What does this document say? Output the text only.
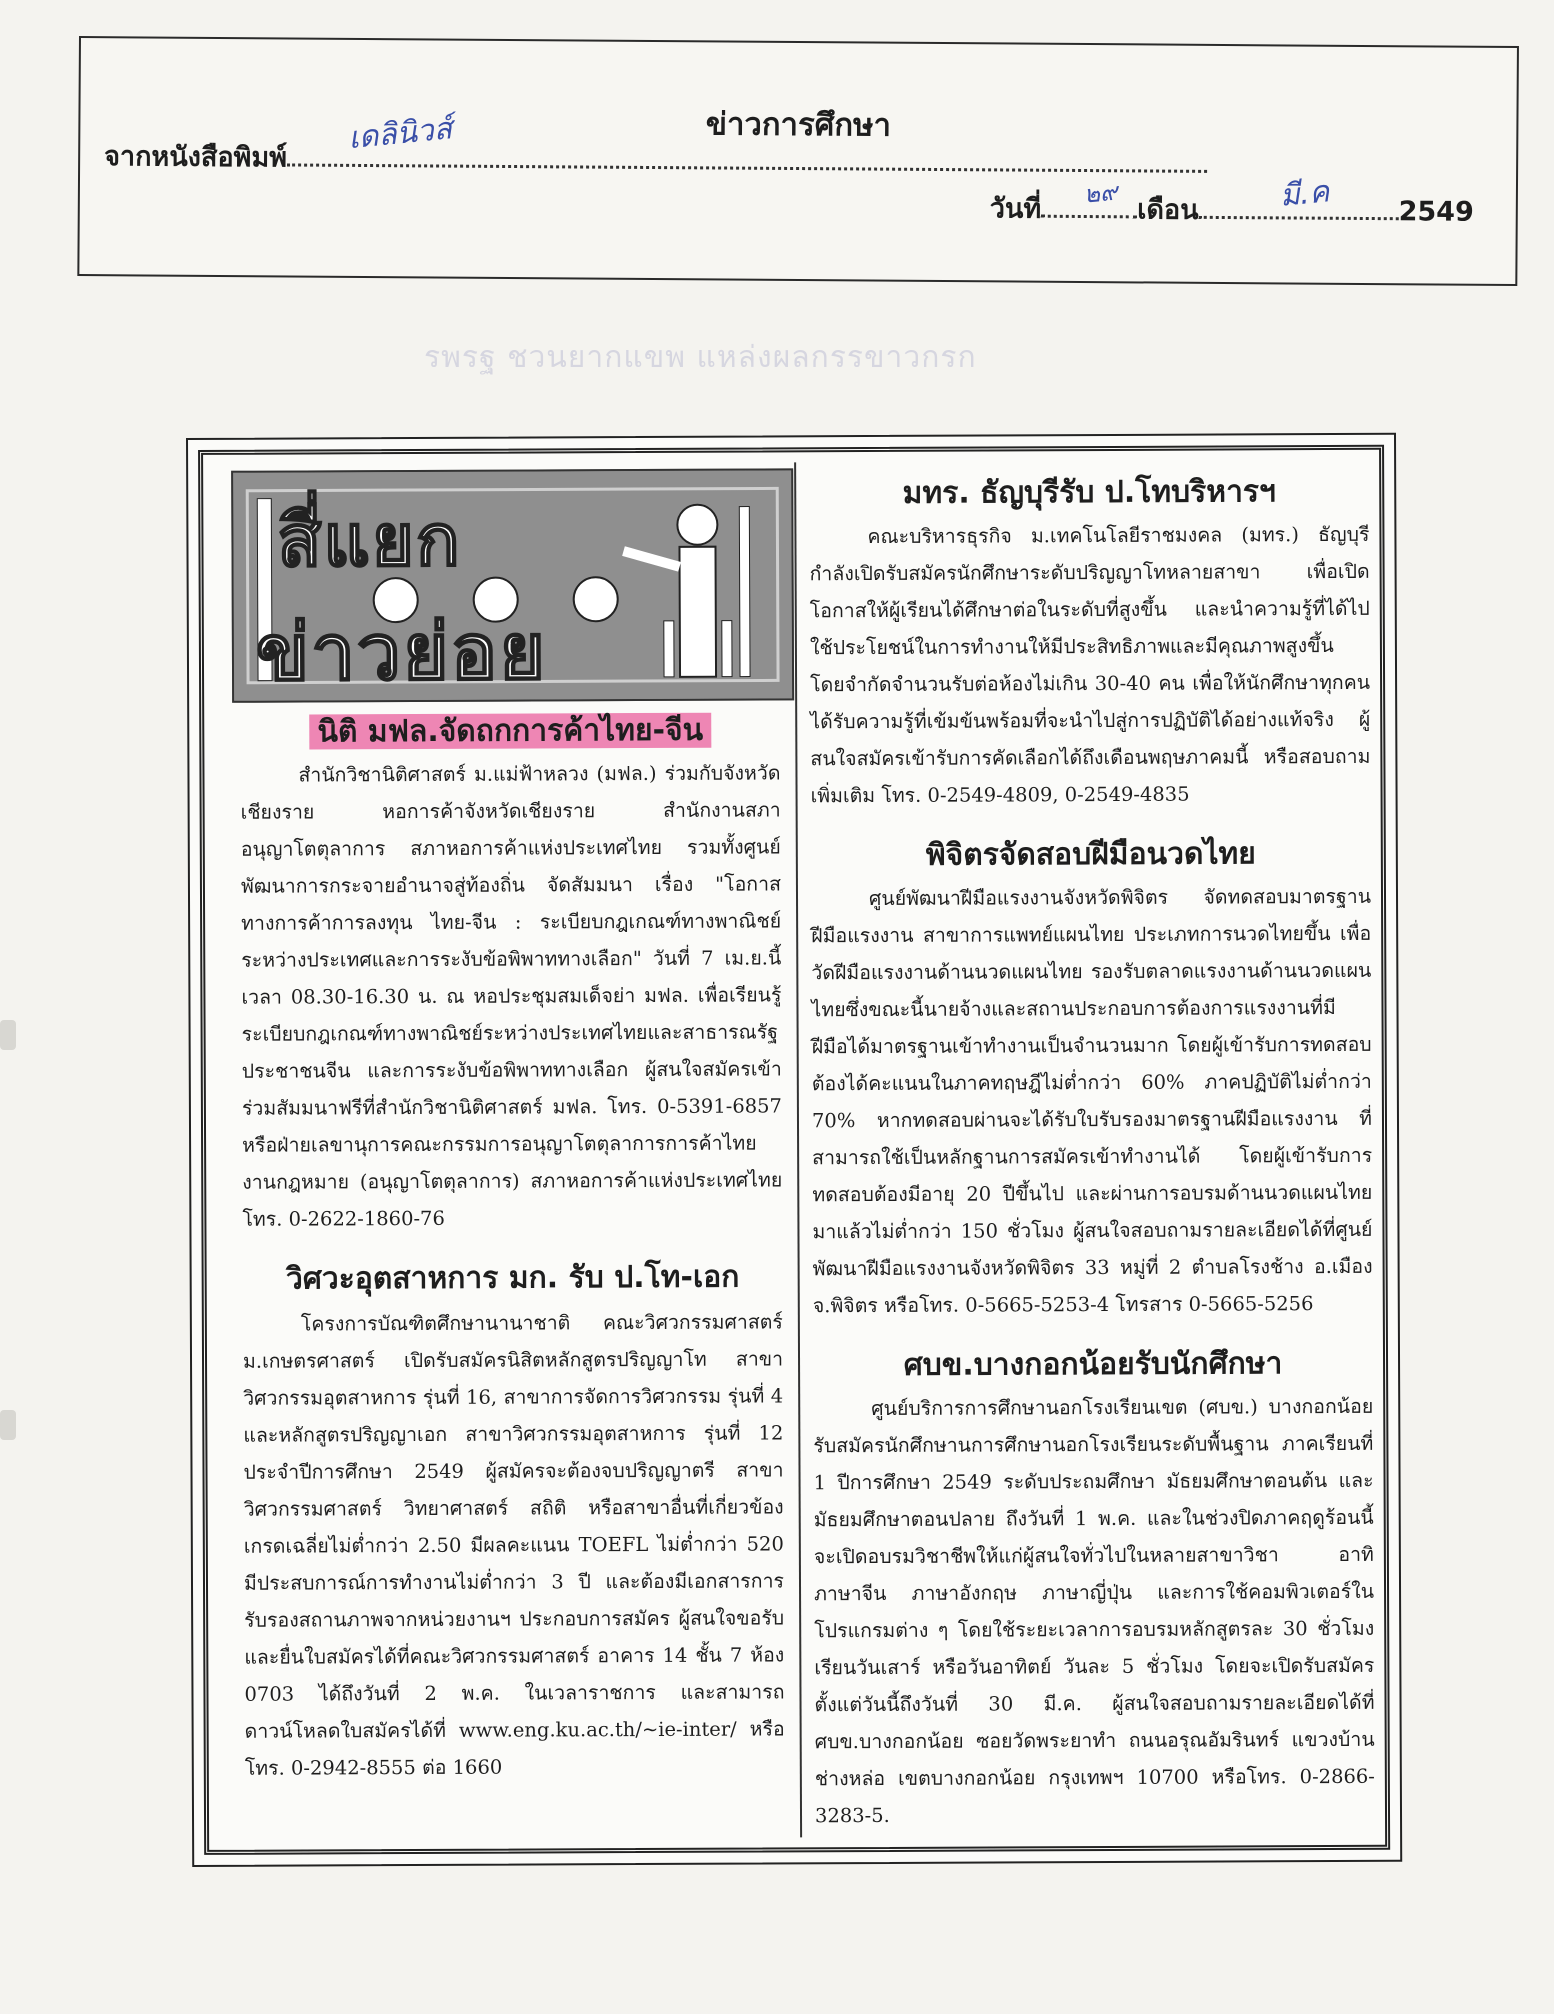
ข่าวการศึกษา
จากหนังสือพิมพ์
วันที่	เดือน	2549
เดลินิวส์
๒๙	มี.ค
รพรฐ ชวนยากแขพ แหล่งผลกรรขาวกรก
สี่แยก
ข่าวย่อย

นิติ มฟล.จัดถกการค้าไทย-จีน

สำนักวิชานิติศาสตร์ ม.แม่ฟ้าหลวง (มฟล.) ร่วมกับจังหวัดเชียงราย หอการค้าจังหวัดเชียงราย สำนักงานสภาอนุญาโตตุลาการ สภาหอการค้าแห่งประเทศไทย รวมทั้งศูนย์พัฒนาการกระจายอำนาจสู่ท้องถิ่น จัดสัมมนา เรื่อง "โอกาสทางการค้าการลงทุน ไทย-จีน : ระเบียบกฎเกณฑ์ทางพาณิชย์ระหว่างประเทศและการระงับข้อพิพาททางเลือก" วันที่ 7 เม.ย.นี้ เวลา 08.30-16.30 น. ณ หอประชุมสมเด็จย่า มฟล. เพื่อเรียนรู้ระเบียบกฎเกณฑ์ทางพาณิชย์ระหว่างประเทศไทยและสาธารณรัฐประชาชนจีน และการระงับข้อพิพาททางเลือก ผู้สนใจสมัครเข้าร่วมสัมมนาฟรีที่สำนักวิชานิติศาสตร์ มฟล. โทร. 0-5391-6857 หรือฝ่ายเลขานุการคณะกรรมการอนุญาโตตุลาการการค้าไทย งานกฎหมาย (อนุญาโตตุลาการ) สภาหอการค้าแห่งประเทศไทย โทร. 0-2622-1860-76

วิศวะอุตสาหการ มก. รับ ป.โท-เอก

โครงการบัณฑิตศึกษานานาชาติ คณะวิศวกรรมศาสตร์ ม.เกษตรศาสตร์ เปิดรับสมัครนิสิตหลักสูตรปริญญาโท สาขาวิศวกรรมอุตสาหการ รุ่นที่ 16, สาขาการจัดการวิศวกรรม รุ่นที่ 4 และหลักสูตรปริญญาเอก สาขาวิศวกรรมอุตสาหการ รุ่นที่ 12 ประจำปีการศึกษา 2549 ผู้สมัครจะต้องจบปริญญาตรี สาขาวิศวกรรมศาสตร์ วิทยาศาสตร์ สถิติ หรือสาขาอื่นที่เกี่ยวข้อง เกรดเฉลี่ยไม่ต่ำกว่า 2.50 มีผลคะแนน TOEFL ไม่ต่ำกว่า 520 มีประสบการณ์การทำงานไม่ต่ำกว่า 3 ปี และต้องมีเอกสารการรับรองสถานภาพจากหน่วยงานฯ ประกอบการสมัคร ผู้สนใจขอรับและยื่นใบสมัครได้ที่คณะวิศวกรรมศาสตร์ อาคาร 14 ชั้น 7 ห้อง 0703 ได้ถึงวันที่ 2 พ.ค. ในเวลาราชการ และสามารถดาวน์โหลดใบสมัครได้ที่ www.eng.ku.ac.th/~ie-inter/ หรือ โทร. 0-2942-8555 ต่อ 1660

มทร. ธัญบุรีรับ ป.โทบริหารฯ

คณะบริหารธุรกิจ ม.เทคโนโลยีราชมงคล (มทร.) ธัญบุรี กำลังเปิดรับสมัครนักศึกษาระดับปริญญาโทหลายสาขา เพื่อเปิดโอกาสให้ผู้เรียนได้ศึกษาต่อในระดับที่สูงขึ้น และนำความรู้ที่ได้ไปใช้ประโยชน์ในการทำงานให้มีประสิทธิภาพและมีคุณภาพสูงขึ้น โดยจำกัดจำนวนรับต่อห้องไม่เกิน 30-40 คน เพื่อให้นักศึกษาทุกคนได้รับความรู้ที่เข้มข้นพร้อมที่จะนำไปสู่การปฏิบัติได้อย่างแท้จริง ผู้สนใจสมัครเข้ารับการคัดเลือกได้ถึงเดือนพฤษภาคมนี้ หรือสอบถามเพิ่มเติม โทร. 0-2549-4809, 0-2549-4835

พิจิตรจัดสอบฝีมือนวดไทย

ศูนย์พัฒนาฝีมือแรงงานจังหวัดพิจิตร จัดทดสอบมาตรฐานฝีมือแรงงาน สาขาการแพทย์แผนไทย ประเภทการนวดไทยขึ้น เพื่อวัดฝีมือแรงงานด้านนวดแผนไทย รองรับตลาดแรงงานด้านนวดแผนไทยซึ่งขณะนี้นายจ้างและสถานประกอบการต้องการแรงงานที่มีฝีมือได้มาตรฐานเข้าทำงานเป็นจำนวนมาก โดยผู้เข้ารับการทดสอบต้องได้คะแนนในภาคทฤษฎีไม่ต่ำกว่า 60% ภาคปฏิบัติไม่ต่ำกว่า 70% หากทดสอบผ่านจะได้รับใบรับรองมาตรฐานฝีมือแรงงาน ที่สามารถใช้เป็นหลักฐานการสมัครเข้าทำงานได้ โดยผู้เข้ารับการทดสอบต้องมีอายุ 20 ปีขึ้นไป และผ่านการอบรมด้านนวดแผนไทยมาแล้วไม่ต่ำกว่า 150 ชั่วโมง ผู้สนใจสอบถามรายละเอียดได้ที่ศูนย์พัฒนาฝีมือแรงงานจังหวัดพิจิตร 33 หมู่ที่ 2 ตำบลโรงช้าง อ.เมือง จ.พิจิตร หรือโทร. 0-5665-5253-4 โทรสาร 0-5665-5256

ศบข.บางกอกน้อยรับนักศึกษา

ศูนย์บริการการศึกษานอกโรงเรียนเขต (ศบข.) บางกอกน้อย รับสมัครนักศึกษานการศึกษานอกโรงเรียนระดับพื้นฐาน ภาคเรียนที่ 1 ปีการศึกษา 2549 ระดับประถมศึกษา มัธยมศึกษาตอนต้น และมัธยมศึกษาตอนปลาย ถึงวันที่ 1 พ.ค. และในช่วงปิดภาคฤดูร้อนนี้จะเปิดอบรมวิชาชีพให้แก่ผู้สนใจทั่วไปในหลายสาขาวิชา อาทิ ภาษาจีน ภาษาอังกฤษ ภาษาญี่ปุ่น และการใช้คอมพิวเตอร์ในโปรแกรมต่าง ๆ โดยใช้ระยะเวลาการอบรมหลักสูตรละ 30 ชั่วโมง เรียนวันเสาร์ หรือวันอาทิตย์ วันละ 5 ชั่วโมง โดยจะเปิดรับสมัครตั้งแต่วันนี้ถึงวันที่ 30 มี.ค. ผู้สนใจสอบถามรายละเอียดได้ที่ ศบข.บางกอกน้อย ซอยวัดพระยาทำ ถนนอรุณอัมรินทร์ แขวงบ้านช่างหล่อ เขตบางกอกน้อย กรุงเทพฯ 10700 หรือโทร. 0-2866-3283-5.
